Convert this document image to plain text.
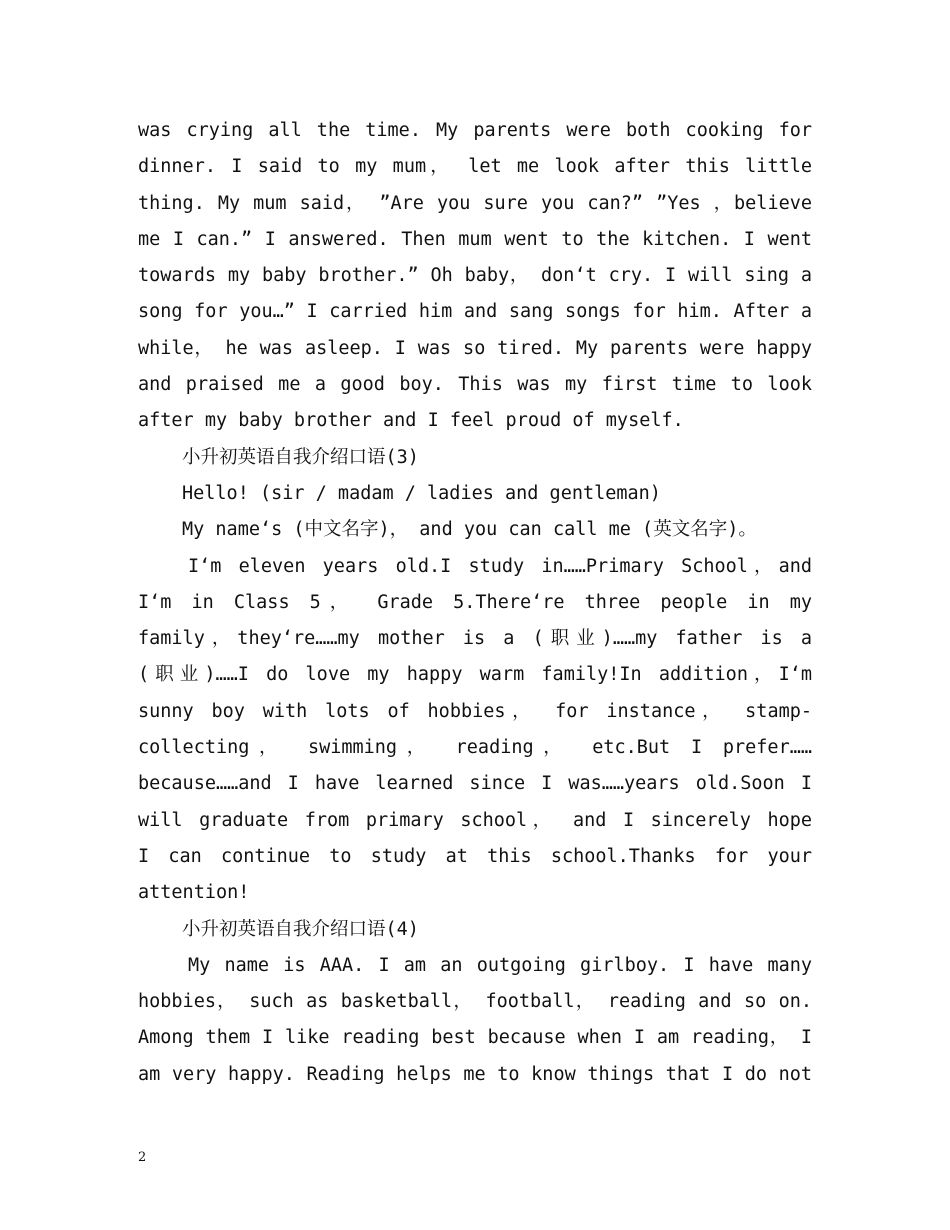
was crying all the time. My parents were both cooking for
dinner. I said to my mum， let me look after this little
thing. My mum said， ”Are you sure you can?” ”Yes ，believe
me I can.” I answered. Then mum went to the kitchen. I went
towards my baby brother.” Oh baby， don‘t cry. I will sing a
song for you…” I carried him and sang songs for him. After a
while， he was asleep. I was so tired. My parents were happy
and praised me a good boy. This was my first time to look
after my baby brother and I feel proud of myself.
小升初英语自我介绍口语(3)
Hello! (sir / madam / ladies and gentleman)
My name‘s (中文名字)， and you can call me (英文名字)。
I‘m eleven years old.I study in……Primary School，and
I‘m in Class 5， Grade 5.There‘re three people in my
family，they‘re……my mother is a (职业)……my father is a
(职业)……I do love my happy warm family!In addition，I‘m
sunny boy with lots of hobbies， for instance， stamp-
collecting， swimming， reading， etc.But I prefer……
because……and I have learned since I was……years old.Soon I
will graduate from primary school， and I sincerely hope
I can continue to study at this school.Thanks for your
attention!
小升初英语自我介绍口语(4)
My name is AAA. I am an outgoing girlboy. I have many
hobbies， such as basketball， football， reading and so on.
Among them I like reading best because when I am reading， I
am very happy. Reading helps me to know things that I do not
2
